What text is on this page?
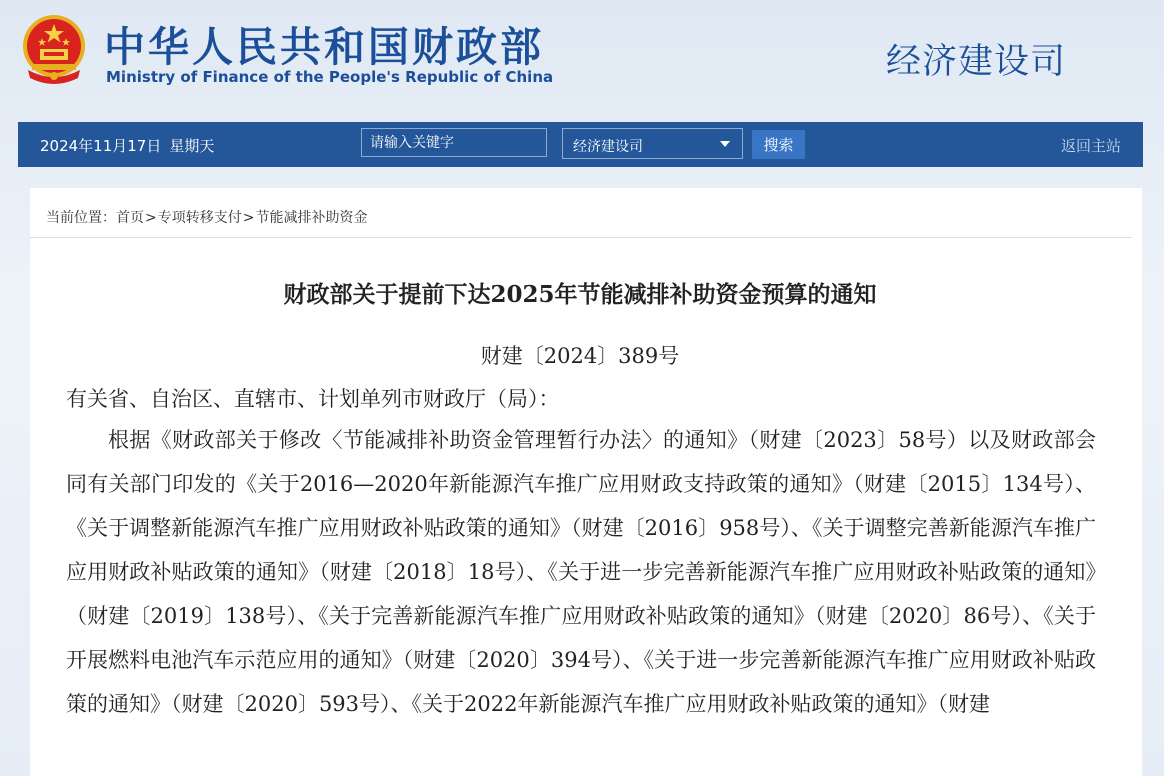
中华人民共和国财政部
Ministry of Finance of the People's Republic of China	经济建设司
2024年11月17日 星期天
请输入关键字	经济建设司	搜索	返回主站
当前位置：首页>专项转移支付>节能减排补助资金
财政部关于提前下达2025年节能减排补助资金预算的通知
财建〔2024〕389号
有关省、自治区、直辖市、计划单列市财政厅（局）：
根据《财政部关于修改〈节能减排补助资金管理暂行办法〉的通知》（财建〔2023〕58号）以及财政部会同有关部门印发的《关于2016—2020年新能源汽车推广应用财政支持政策的通知》（财建〔2015〕134号）、《关于调整新能源汽车推广应用财政补贴政策的通知》（财建〔2016〕958号）、《关于调整完善新能源汽车推广应用财政补贴政策的通知》（财建〔2018〕18号）、《关于进一步完善新能源汽车推广应用财政补贴政策的通知》（财建〔2019〕138号）、《关于完善新能源汽车推广应用财政补贴政策的通知》（财建〔2020〕86号）、《关于开展燃料电池汽车示范应用的通知》（财建〔2020〕394号）、《关于进一步完善新能源汽车推广应用财政补贴政策的通知》（财建〔2020〕593号）、《关于2022年新能源汽车推广应用财政补贴政策的通知》（财建
